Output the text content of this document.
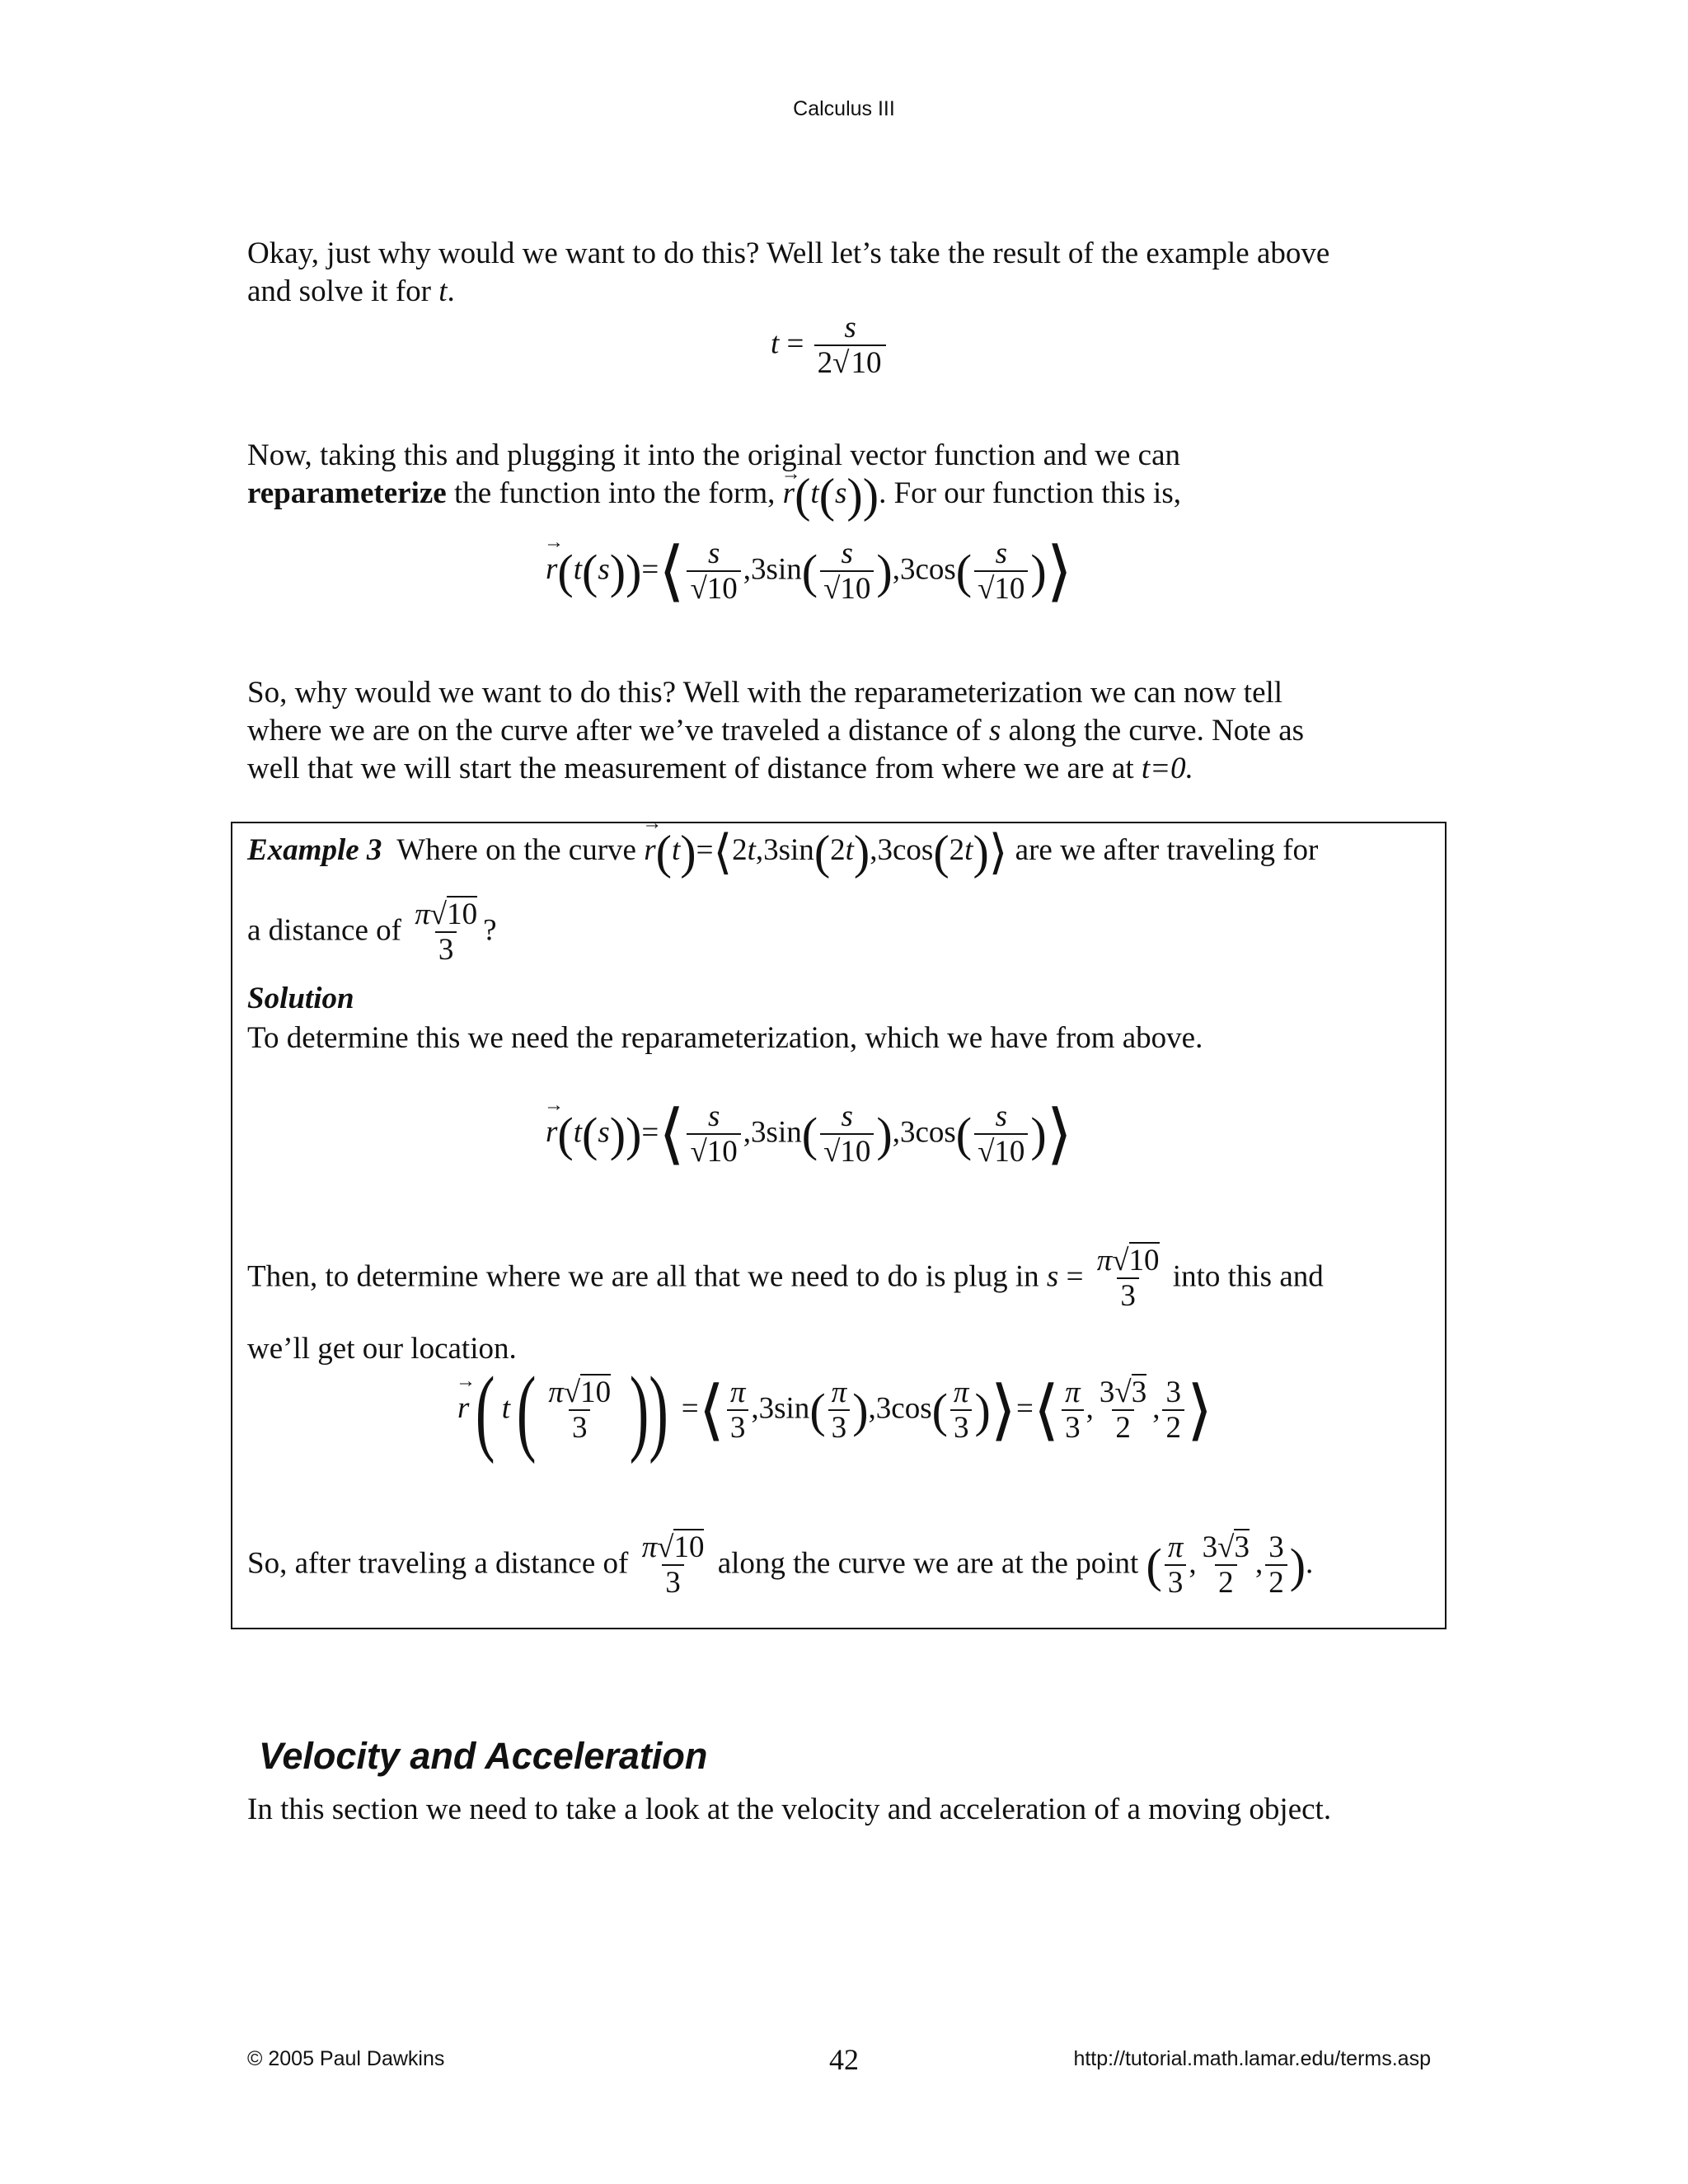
Calculus III
Okay, just why would we want to do this? Well let’s take the result of the example above
and solve it for t.
$t = \frac{s}{2√10}$
Now, taking this and plugging it into the original vector function and we can
reparameterize the function into the form, → r(t(s)). For our function this is,
→ r(t(s))=⟨ $\frac{s}{√10} ,3\sin( \frac{s}{√10} ),3\cos( \frac{s}{√10}$ )⟩
So, why would we want to do this? Well with the reparameterization we can now tell
where we are on the curve after we’ve traveled a distance of s along the curve. Note as
well that we will start the measurement of distance from where we are at t=0.
Example 3 Where on the curve → r(t)=⟨2t,3sin(2t),3cos(2t)⟩ are we after traveling for
a distance of $\frac{\pi√10}{3}$ ?
Solution
To determine this we need the reparameterization, which we have from above.
→ r(t(s))=⟨ $\frac{s}{√10} ,3\sin( \frac{s}{√10} ),3\cos( \frac{s}{√10}$ )⟩
Then, to determine where we are all that we need to do is plug in $s = \frac{\pi√10}{3}$ into this and
we’ll get our location.
→ r( $t( \frac{\pi√10}{3}$ )) =⟨ $\frac{\pi}{3} ,3\sin( \frac{\pi}{3} ),3\cos( \frac{\pi}{3}$ )⟩=⟨ $\frac{\pi}{3}$ , $\frac{3√3}{2}$ , $\frac{3}{2}$ ⟩
So, after traveling a distance of $\frac{\pi√10}{3}$ along the curve we are at the point ( $\frac{\pi}{3}$ , $\frac{3√3}{2}$ , $\frac{3}{2}$ ).
Velocity and Acceleration
In this section we need to take a look at the velocity and acceleration of a moving object.
© 2005 Paul Dawkins	42	http://tutorial.math.lamar.edu/terms.asp
